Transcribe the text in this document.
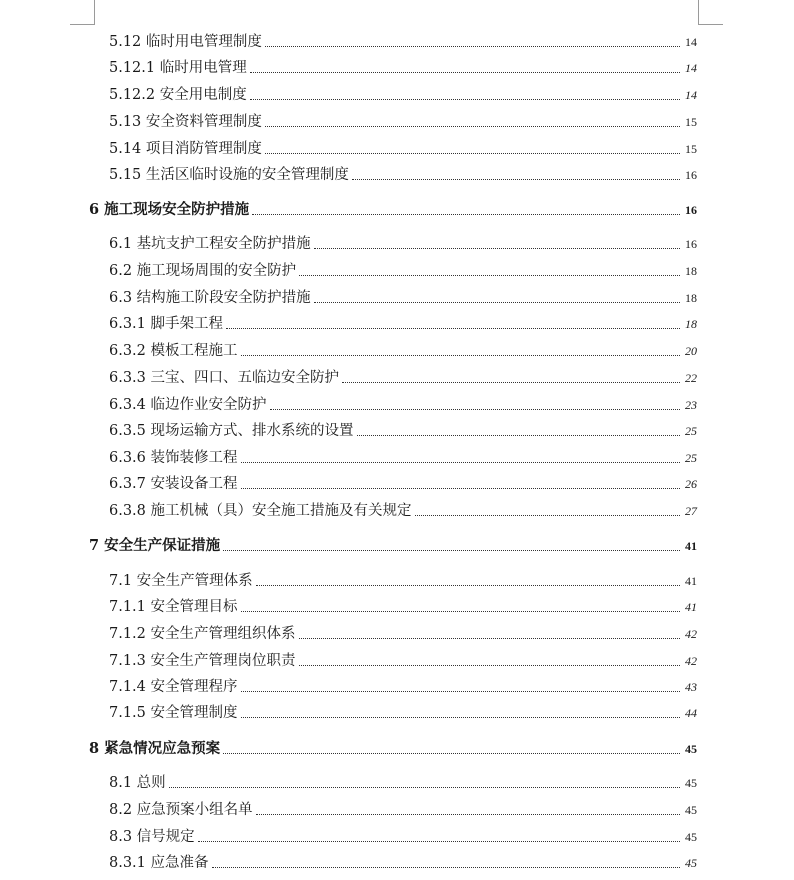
5.12 临时用电管理制度	14
5.12.1 临时用电管理	14
5.12.2 安全用电制度	14
5.13 安全资料管理制度	15
5.14 项目消防管理制度	15
5.15 生活区临时设施的安全管理制度	16
6 施工现场安全防护措施	16
6.1 基坑支护工程安全防护措施	16
6.2 施工现场周围的安全防护	18
6.3 结构施工阶段安全防护措施	18
6.3.1 脚手架工程	18
6.3.2 模板工程施工	20
6.3.3 三宝、四口、五临边安全防护	22
6.3.4 临边作业安全防护	23
6.3.5 现场运输方式、排水系统的设置	25
6.3.6 装饰装修工程	25
6.3.7 安装设备工程	26
6.3.8 施工机械（具）安全施工措施及有关规定	27
7 安全生产保证措施	41
7.1 安全生产管理体系	41
7.1.1 安全管理目标	41
7.1.2 安全生产管理组织体系	42
7.1.3 安全生产管理岗位职责	42
7.1.4 安全管理程序	43
7.1.5 安全管理制度	44
8 紧急情况应急预案	45
8.1 总则	45
8.2 应急预案小组名单	45
8.3 信号规定	45
8.3.1 应急准备	45
